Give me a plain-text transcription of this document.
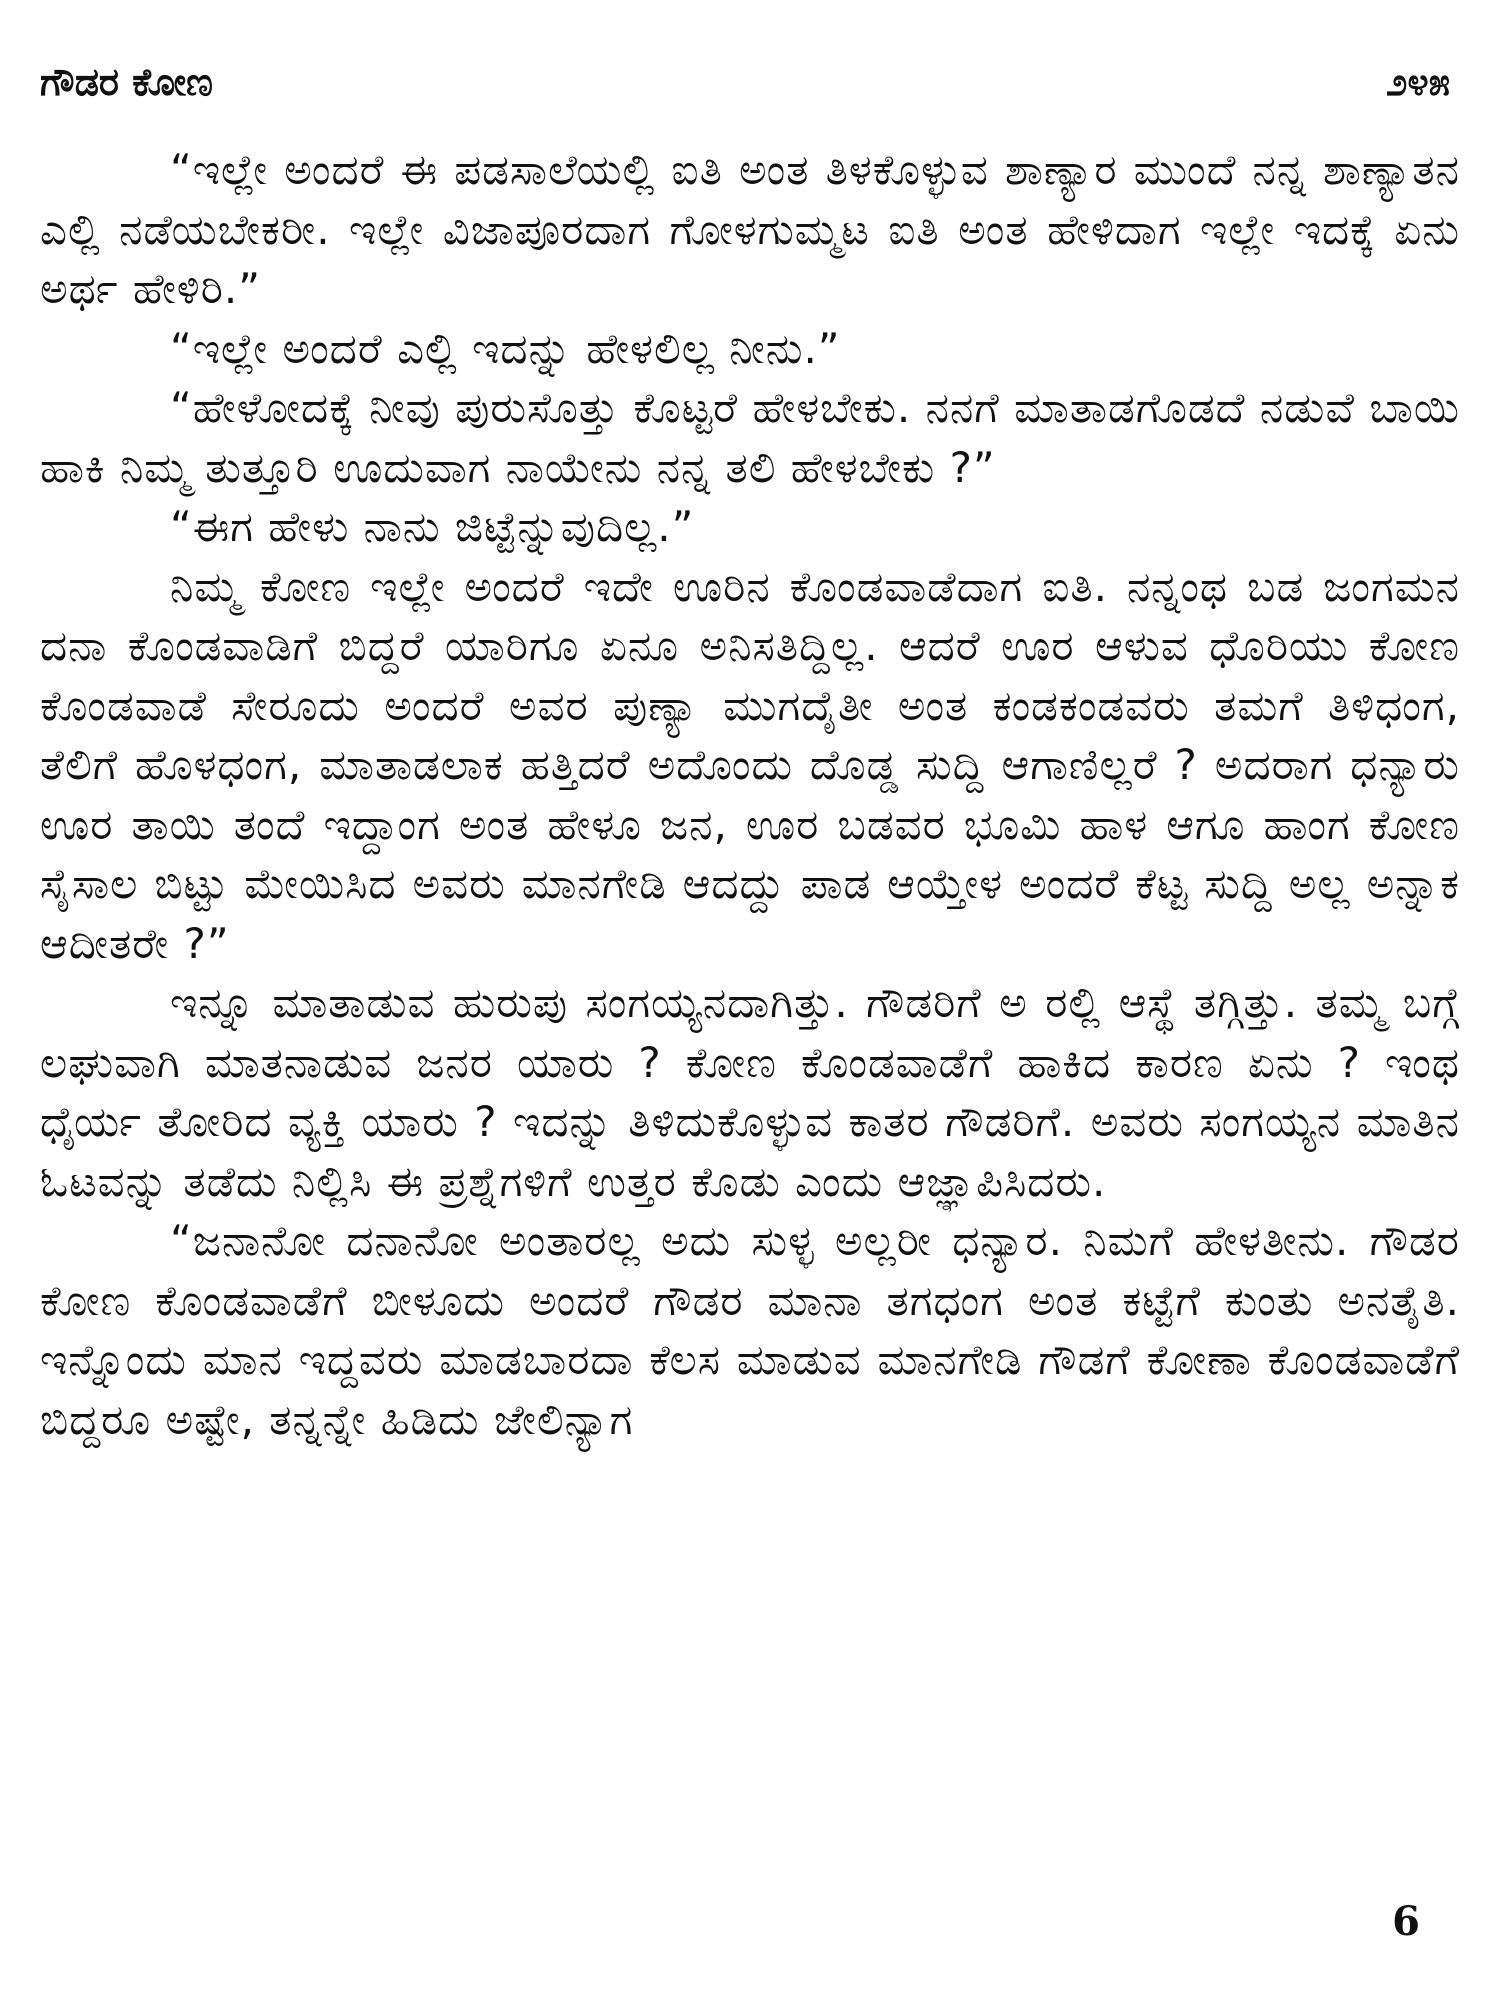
ಗೌಡರ ಕೋಣ	೨೪೫

“ಇಲ್ಲೇ ಅಂದರೆ ಈ ಪಡಸಾಲೆಯಲ್ಲಿ ಐತಿ ಅಂತ ತಿಳಕೊಳ್ಳುವ ಶಾಣ್ಯಾರ ಮುಂದೆ ನನ್ನ ಶಾಣ್ಯಾತನ ಎಲ್ಲಿ ನಡೆಯಬೇಕರೀ. ಇಲ್ಲೇ ವಿಜಾಪೂರದಾಗ ಗೋಳಗುಮ್ಮಟ ಐತಿ ಅಂತ ಹೇಳಿದಾಗ ಇಲ್ಲೇ ಇದಕ್ಕೆ ಏನು ಅರ್ಥ ಹೇಳಿರಿ.”

“ಇಲ್ಲೇ ಅಂದರೆ ಎಲ್ಲಿ ಇದನ್ನು ಹೇಳಲಿಲ್ಲ ನೀನು.”

“ಹೇಳೋದಕ್ಕೆ ನೀವು ಪುರುಸೊತ್ತು ಕೊಟ್ಟರೆ ಹೇಳಬೇಕು. ನನಗೆ ಮಾತಾಡಗೊಡದೆ ನಡುವೆ ಬಾಯಿ ಹಾಕಿ ನಿಮ್ಮ ತುತ್ತೂರಿ ಊದುವಾಗ ನಾಯೇನು ನನ್ನ ತಲಿ ಹೇಳಬೇಕು ?”

“ಈಗ ಹೇಳು ನಾನು ಜಿಟ್ಟೆನ್ನುವುದಿಲ್ಲ.”

ನಿಮ್ಮ ಕೋಣ ಇಲ್ಲೇ ಅಂದರೆ ಇದೇ ಊರಿನ ಕೊಂಡವಾಡೆದಾಗ ಐತಿ. ನನ್ನಂಥ ಬಡ ಜಂಗಮನ ದನಾ ಕೊಂಡವಾಡಿಗೆ ಬಿದ್ದರೆ ಯಾರಿಗೂ ಏನೂ ಅನಿಸತಿದ್ದಿಲ್ಲ. ಆದರೆ ಊರ ಆಳುವ ಧೊರಿಯು ಕೋಣ ಕೊಂಡವಾಡೆ ಸೇರೂದು ಅಂದರೆ ಅವರ ಪುಣ್ಯಾ ಮುಗದೈತೀ ಅಂತ ಕಂಡಕಂಡವರು ತಮಗೆ ತಿಳಿಧಂಗ, ತೆಲಿಗೆ ಹೊಳಧಂಗ, ಮಾತಾಡಲಾಕ ಹತ್ತಿದರೆ ಅದೊಂದು ದೊಡ್ಡ ಸುದ್ದಿ ಆಗಾಣಿಲ್ಲರೆ ? ಅದರಾಗ ಧನ್ಯಾರು ಊರ ತಾಯಿ ತಂದೆ ಇದ್ದಾಂಗ ಅಂತ ಹೇಳೂ ಜನ, ಊರ ಬಡವರ ಭೂಮಿ ಹಾಳ ಆಗೂ ಹಾಂಗ ಕೋಣ ಸೈಸಾಲ ಬಿಟ್ಟು ಮೇಯಿಸಿದ ಅವರು ಮಾನಗೇಡಿ ಆದದ್ದು ಪಾಡ ಆಯ್ತೇಳ ಅಂದರೆ ಕೆಟ್ಟ ಸುದ್ದಿ ಅಲ್ಲ ಅನ್ನಾಕ ಆದೀತರೇ ?”

ಇನ್ನೂ ಮಾತಾಡುವ ಹುರುಪು ಸಂಗಯ್ಯನದಾಗಿತ್ತು. ಗೌಡರಿಗೆ ಅ ರಲ್ಲಿ ಆಸ್ಥೆ ತಗ್ಗಿತ್ತು. ತಮ್ಮ ಬಗ್ಗೆ ಲಘುವಾಗಿ ಮಾತನಾಡುವ ಜನರ ಯಾರು ? ಕೋಣ ಕೊಂಡವಾಡೆಗೆ ಹಾಕಿದ ಕಾರಣ ಏನು ? ಇಂಥ ಧೈರ್ಯ ತೋರಿದ ವ್ಯಕ್ತಿ ಯಾರು ? ಇದನ್ನು ತಿಳಿದುಕೊಳ್ಳುವ ಕಾತರ ಗೌಡರಿಗೆ. ಅವರು ಸಂಗಯ್ಯನ ಮಾತಿನ ಓಟವನ್ನು ತಡೆದು ನಿಲ್ಲಿಸಿ ಈ ಪ್ರಶ್ನೆಗಳಿಗೆ ಉತ್ತರ ಕೊಡು ಎಂದು ಆಜ್ಞಾಪಿಸಿದರು.

“ಜನಾನೋ ದನಾನೋ ಅಂತಾರಲ್ಲ ಅದು ಸುಳ್ಳ ಅಲ್ಲರೀ ಧನ್ಯಾರ. ನಿಮಗೆ ಹೇಳತೀನು. ಗೌಡರ ಕೋಣ ಕೊಂಡವಾಡೆಗೆ ಬೀಳೂದು ಅಂದರೆ ಗೌಡರ ಮಾನಾ ತಗಧಂಗ ಅಂತ ಕಟ್ಟೆಗೆ ಕುಂತು ಅನತೈತಿ. ಇನ್ನೊಂದು ಮಾನ ಇದ್ದವರು ಮಾಡಬಾರದಾ ಕೆಲಸ ಮಾಡುವ ಮಾನಗೇಡಿ ಗೌಡಗೆ ಕೋಣಾ ಕೊಂಡವಾಡೆಗೆ ಬಿದ್ದರೂ ಅಷ್ಟೇ, ತನ್ನನ್ನೇ ಹಿಡಿದು ಜೇಲಿನ್ಯಾಗ

6
